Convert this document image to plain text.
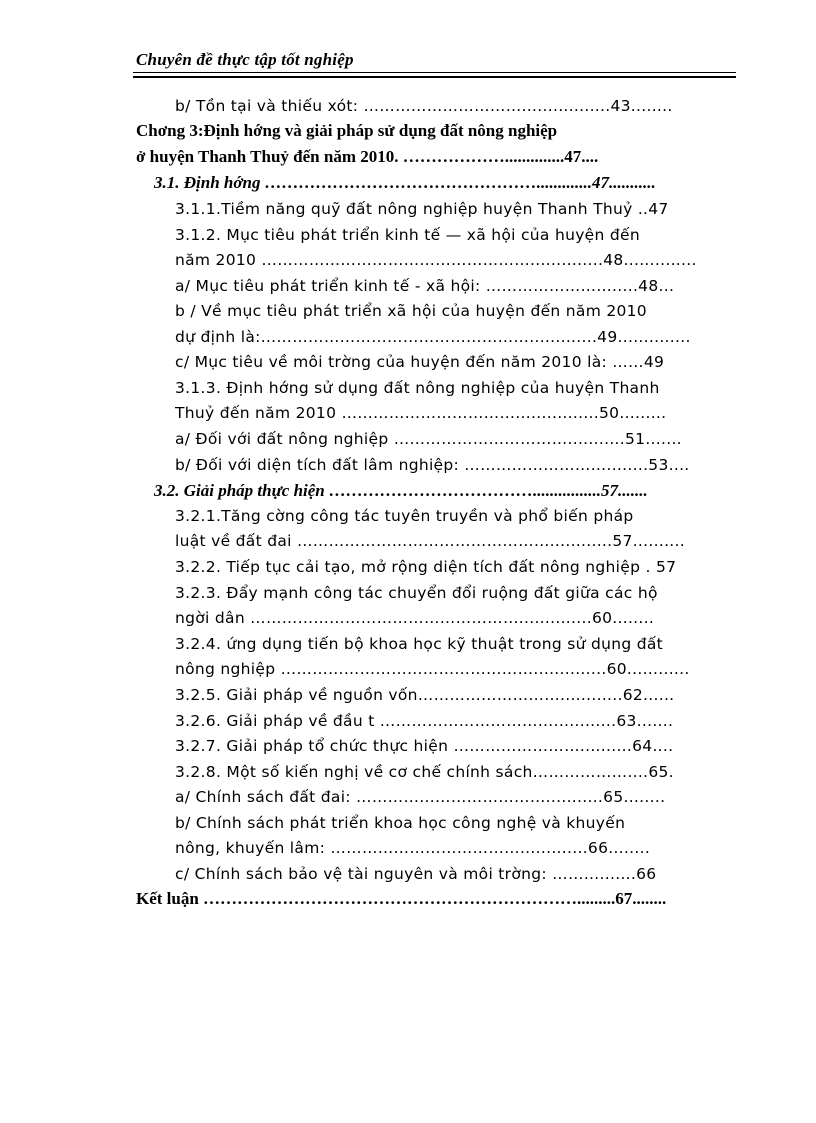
Chuyên đề thực tập tốt nghiệp
b/ Tồn tại và thiếu xót: ……………………………..............43........
Chơng 3:Định hớng và giải pháp sử dụng đất nông nghiệp
ở huyện Thanh Thuỷ đến năm 2010. ………………..............47....
3.1. Định hớng ………………………………………….............47...........
3.1.1.Tiềm năng quỹ đất nông nghiệp huyện Thanh Thuỷ ..47
3.1.2. Mục tiêu phát triển kinh tế — xã hội của huyện đến
năm 2010 ……………………………………………..............48..............
a/ Mục tiêu phát triển kinh tế - xã hội: …………………........48...
b / Về mục tiêu phát triển xã hội của huyện đến năm 2010
dự định là:…………………………………………….............49..............
c/ Mục tiêu về môi trờng của huyện đến năm 2010 là: ……49
3.1.3. Định hớng sử dụng đất nông nghiệp của huyện Thanh
Thuỷ đến năm 2010 ……………………………….............50.........
a/ Đối với đất nông nghiệp ……………………………...........51.......
b/ Đối với diện tích đất lâm nghiệp: ………………………........53....
3.2. Giải pháp thực hiện ………………………………................57.......
3.2.1.Tăng cờng công tác tuyên truyền và phổ biến pháp
luật về đất đai ………………………………………...............57..........
3.2.2. Tiếp tục cải tạo, mở rộng diện tích đất nông nghiệp . 57
3.2.3. Đẩy mạnh công tác chuyển đổi ruộng đất giữa các hộ
ngời dân ……………………………………………..............60........
3.2.4. ứng dụng tiến bộ khoa học kỹ thuật trong sử dụng đất
nông nghiệp …………………………………………..............60............
3.2.5. Giải pháp về nguồn vốn………………………............62......
3.2.6. Giải pháp về đầu t ……………………………............63.......
3.2.7. Giải pháp tổ chức thực hiện ……………………..........64....
3.2.8. Một số kiến nghị về cơ chế chính sách………………....65.
a/ Chính sách đất đai: ………………………………...........65........
b/ Chính sách phát triển khoa học công nghệ và khuyến
nông, khuyến lâm: ……………………………….............66........
c/ Chính sách bảo vệ tài nguyên và môi trờng: ……….......66
Kết luận ………………………………………………………….........67........
